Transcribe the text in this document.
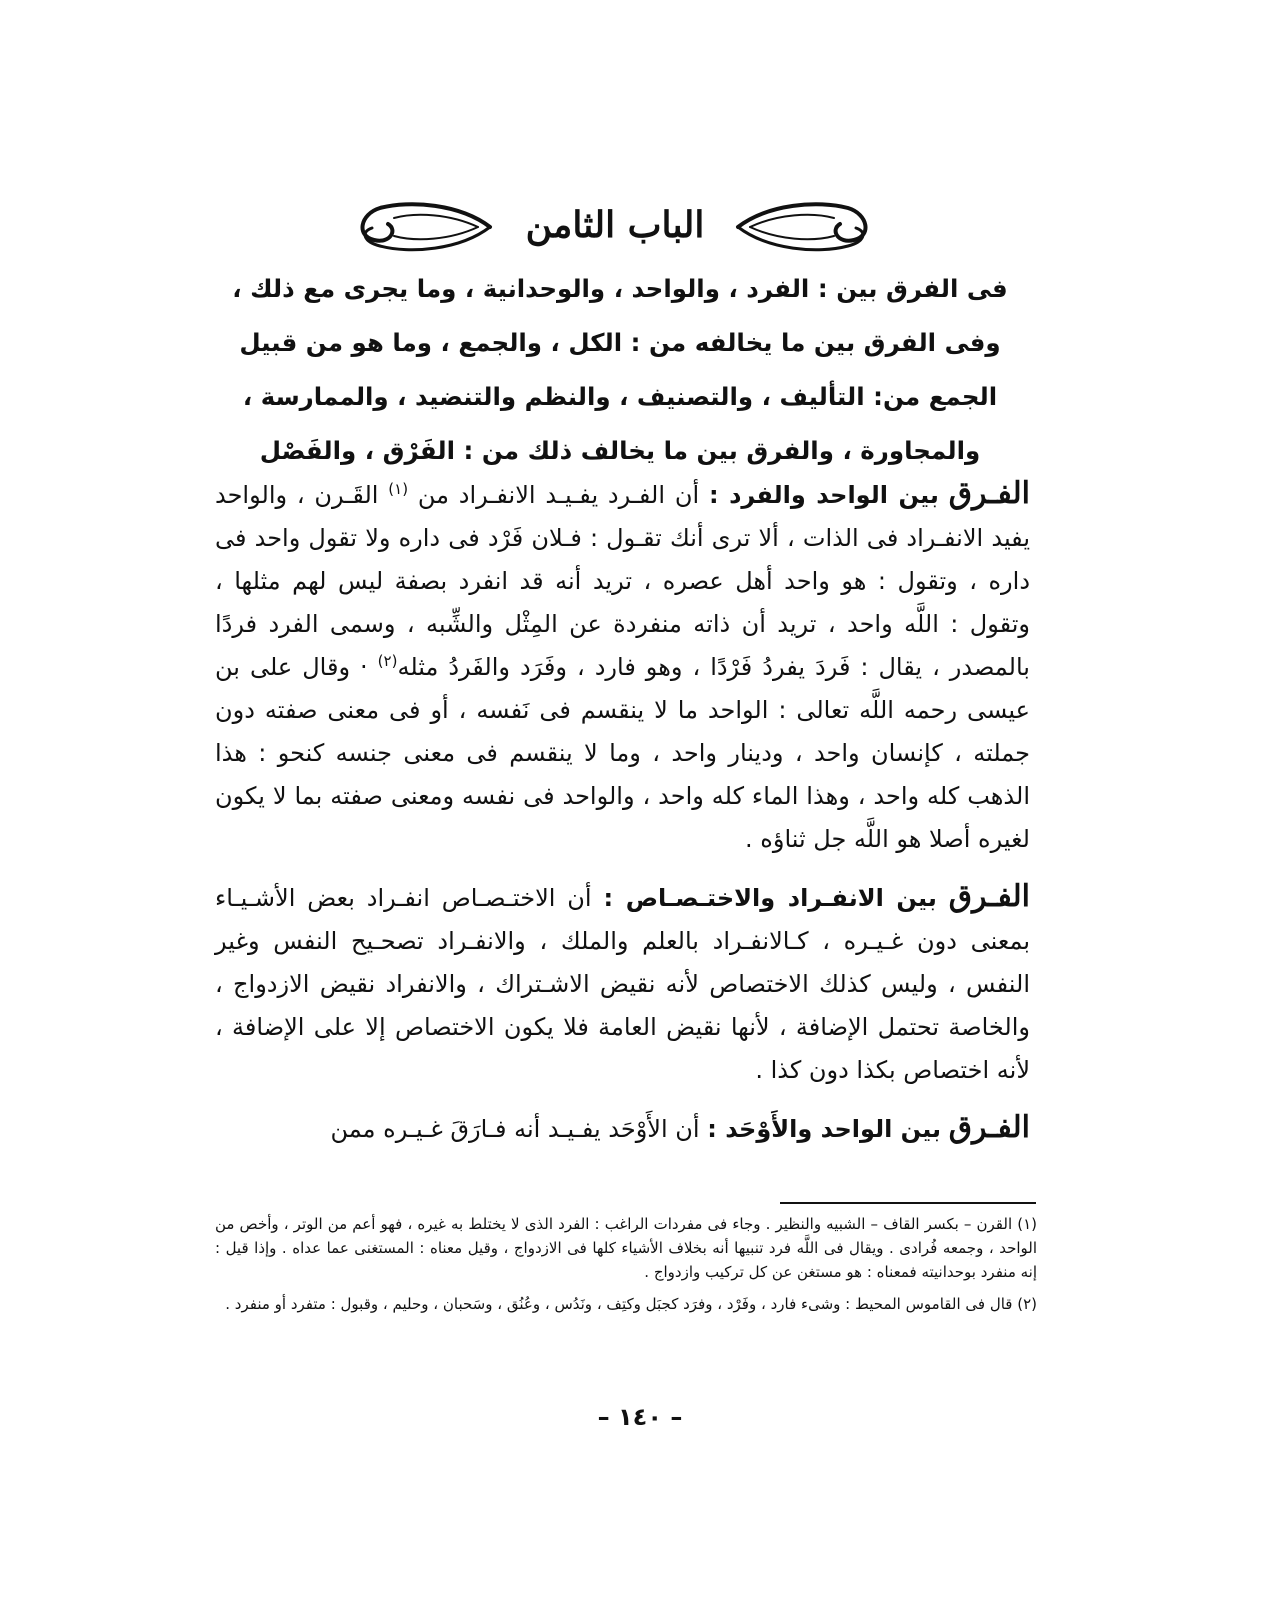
الباب الثامن

فى الفرق بين : الفرد ، والواحد ، والوحدانية ، وما يجرى مع ذلك ، وفى الفرق بين ما يخالفه من : الكل ، والجمع ، وما هو من قبيل الجمع من: التأليف ، والتصنيف ، والنظم والتنضيد ، والممارسة ، والمجاورة ، والفرق بين ما يخالف ذلك من : الفَرْق ، والفَصْل

الفـرق بين الواحد والفرد : أن الفـرد يفـيـد الانفـراد من $^{(١)}$ القَـرن ، والواحد يفيد الانفـراد فى الذات ، ألا ترى أنك تقـول : فـلان فَرْد فى داره ولا تقول واحد فى داره ، وتقول : هو واحد أهل عصره ، تريد أنه قد انفرد بصفة ليس لهم مثلها ، وتقول : اللَّه واحد ، تريد أن ذاته منفردة عن المِثْل والشِّبه ، وسمى الفرد فردًا بالمصدر ، يقال : فَردَ يفردُ فَرْدًا ، وهو فارد ، وفَرَد والفَردُ مثله$^{(٢)}$ · وقال على بن عيسى رحمه اللَّه تعالى : الواحد ما لا ينقسم فى نَفسه ، أو فى معنى صفته دون جملته ، كإنسان واحد ، ودينار واحد ، وما لا ينقسم فى معنى جنسه كنحو : هذا الذهب كله واحد ، وهذا الماء كله واحد ، والواحد فى نفسه ومعنى صفته بما لا يكون لغيره أصلا هو اللَّه جل ثناؤه .

الفـرق بين الانفـراد والاختـصـاص : أن الاختـصـاص انفـراد بعض الأشـيـاء بمعنى دون غـيـره ، كـالانفـراد بالعلم والملك ، والانفـراد تصحـيح النفس وغير النفس ، وليس كذلك الاختصاص لأنه نقيض الاشـتراك ، والانفراد نقيض الازدواج ، والخاصة تحتمل الإضافة ، لأنها نقيض العامة فلا يكون الاختصاص إلا على الإضافة ، لأنه اختصاص بكذا دون كذا .

الفـرق بين الواحد والأَوْحَد : أن الأَوْحَد يفـيـد أنه فـارَقَ غـيـره ممن

(١) القرن – بكسر القاف – الشبيه والنظير . وجاء فى مفردات الراغب : الفرد الذى لا يختلط به غيره ، فهو أعم من الوتر ، وأخص من الواحد ، وجمعه فُرادى . ويقال فى اللَّه فرد تنبيها أنه بخلاف الأشياء كلها فى الازدواج ، وقيل معناه : المستغنى عما عداه . وإذا قيل : إنه منفرد بوحدانيته فمعناه : هو مستغن عن كل تركيب وازدواج .

(٢) قال فى القاموس المحيط : وشىء فارد ، وفَرْد ، وفرَد كجبَل وكتِف ، ونَدُس ، وعُنُق ، وسَحبان ، وحليم ، وقبول : متفرد أو منفرد .

– ١٤٠ –
